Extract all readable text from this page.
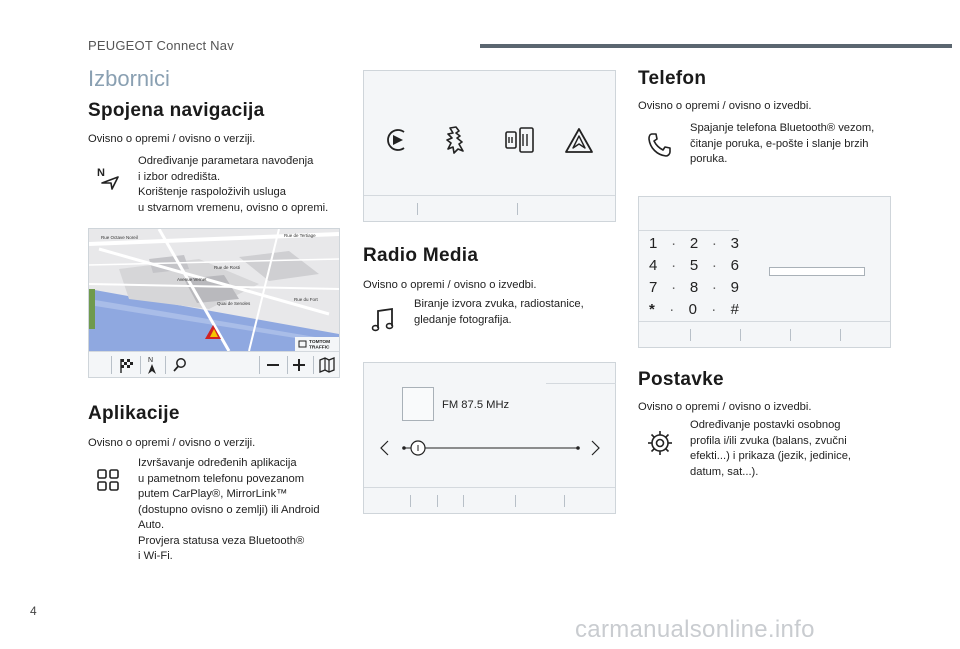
PEUGEOT Connect Nav
Izbornici
Spojena navigacija
Ovisno o opremi / ovisno o verziji.
N
Određivanje parametara navođenja
i izbor odredišta.
Korištenje raspoloživih usluga
u stvarnom vremenu, ovisno o opremi.
Rue Octave Noreil	Rue de Tertiage
Rue de Rosti
Avenue Vernet
Quai de Senoles
Rue du Fort
TOMTOM
TRAFFIC
N
Aplikacije
Ovisno o opremi / ovisno o verziji.
Izvršavanje određenih aplikacija
u pametnom telefonu povezanom
putem CarPlay®, MirrorLink™
(dostupno ovisno o zemlji) ili Android
Auto.
Provjera statusa veza Bluetooth®
i Wi-Fi.
Radio Media
Ovisno o opremi / ovisno o izvedbi.
Biranje izvora zvuka, radiostanice,
gledanje fotografija.
FM 87.5 MHz
Telefon
Ovisno o opremi / ovisno o izvedbi.
Spajanje telefona Bluetooth® vezom,
čitanje poruka, e-pošte i slanje brzih
poruka.
1 · 2 · 3
4 · 5 · 6
7 · 8 · 9
* · 0 · #
Postavke
Ovisno o opremi / ovisno o izvedbi.
Određivanje postavki osobnog
profila i/ili zvuka (balans, zvučni
efekti...) i prikaza (jezik, jedinice,
datum, sat...).
4
carmanualsonline.info
